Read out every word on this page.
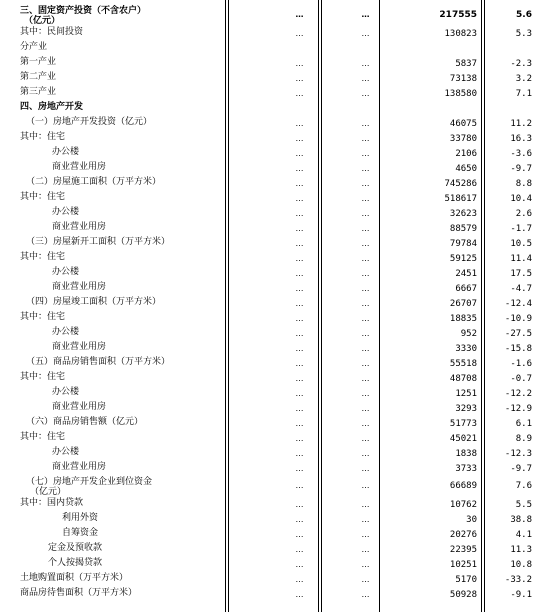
三、固定资产投资（不含农户）
（亿元）
…	…	217555	5.6
其中：民间投资	…	…	130823	5.3
分产业
第一产业	…	…	5837	-2.3
第二产业	…	…	73138	3.2
第三产业	…	…	138580	7.1
四、房地产开发
（一）房地产开发投资（亿元）	…	…	46075	11.2
其中：住宅	…	…	33780	16.3
办公楼	…	…	2106	-3.6
商业营业用房	…	…	4650	-9.7
（二）房屋施工面积（万平方米）	…	…	745286	8.8
其中：住宅	…	…	518617	10.4
办公楼	…	…	32623	2.6
商业营业用房	…	…	88579	-1.7
（三）房屋新开工面积（万平方米）	…	…	79784	10.5
其中：住宅	…	…	59125	11.4
办公楼	…	…	2451	17.5
商业营业用房	…	…	6667	-4.7
（四）房屋竣工面积（万平方米）	…	…	26707	-12.4
其中：住宅	…	…	18835	-10.9
办公楼	…	…	952	-27.5
商业营业用房	…	…	3330	-15.8
（五）商品房销售面积（万平方米）	…	…	55518	-1.6
其中：住宅	…	…	48708	-0.7
办公楼	…	…	1251	-12.2
商业营业用房	…	…	3293	-12.9
（六）商品房销售额（亿元）	…	…	51773	6.1
其中：住宅	…	…	45021	8.9
办公楼	…	…	1838	-12.3
商业营业用房	…	…	3733	-9.7
（七）房地产开发企业到位资金
（亿元）
…	…	66689	7.6
其中：国内贷款	…	…	10762	5.5
利用外资	…	…	30	38.8
自筹资金	…	…	20276	4.1
定金及预收款	…	…	22395	11.3
个人按揭贷款	…	…	10251	10.8
土地购置面积（万平方米）	…	…	5170	-33.2
商品房待售面积（万平方米）	…	…	50928	-9.1
